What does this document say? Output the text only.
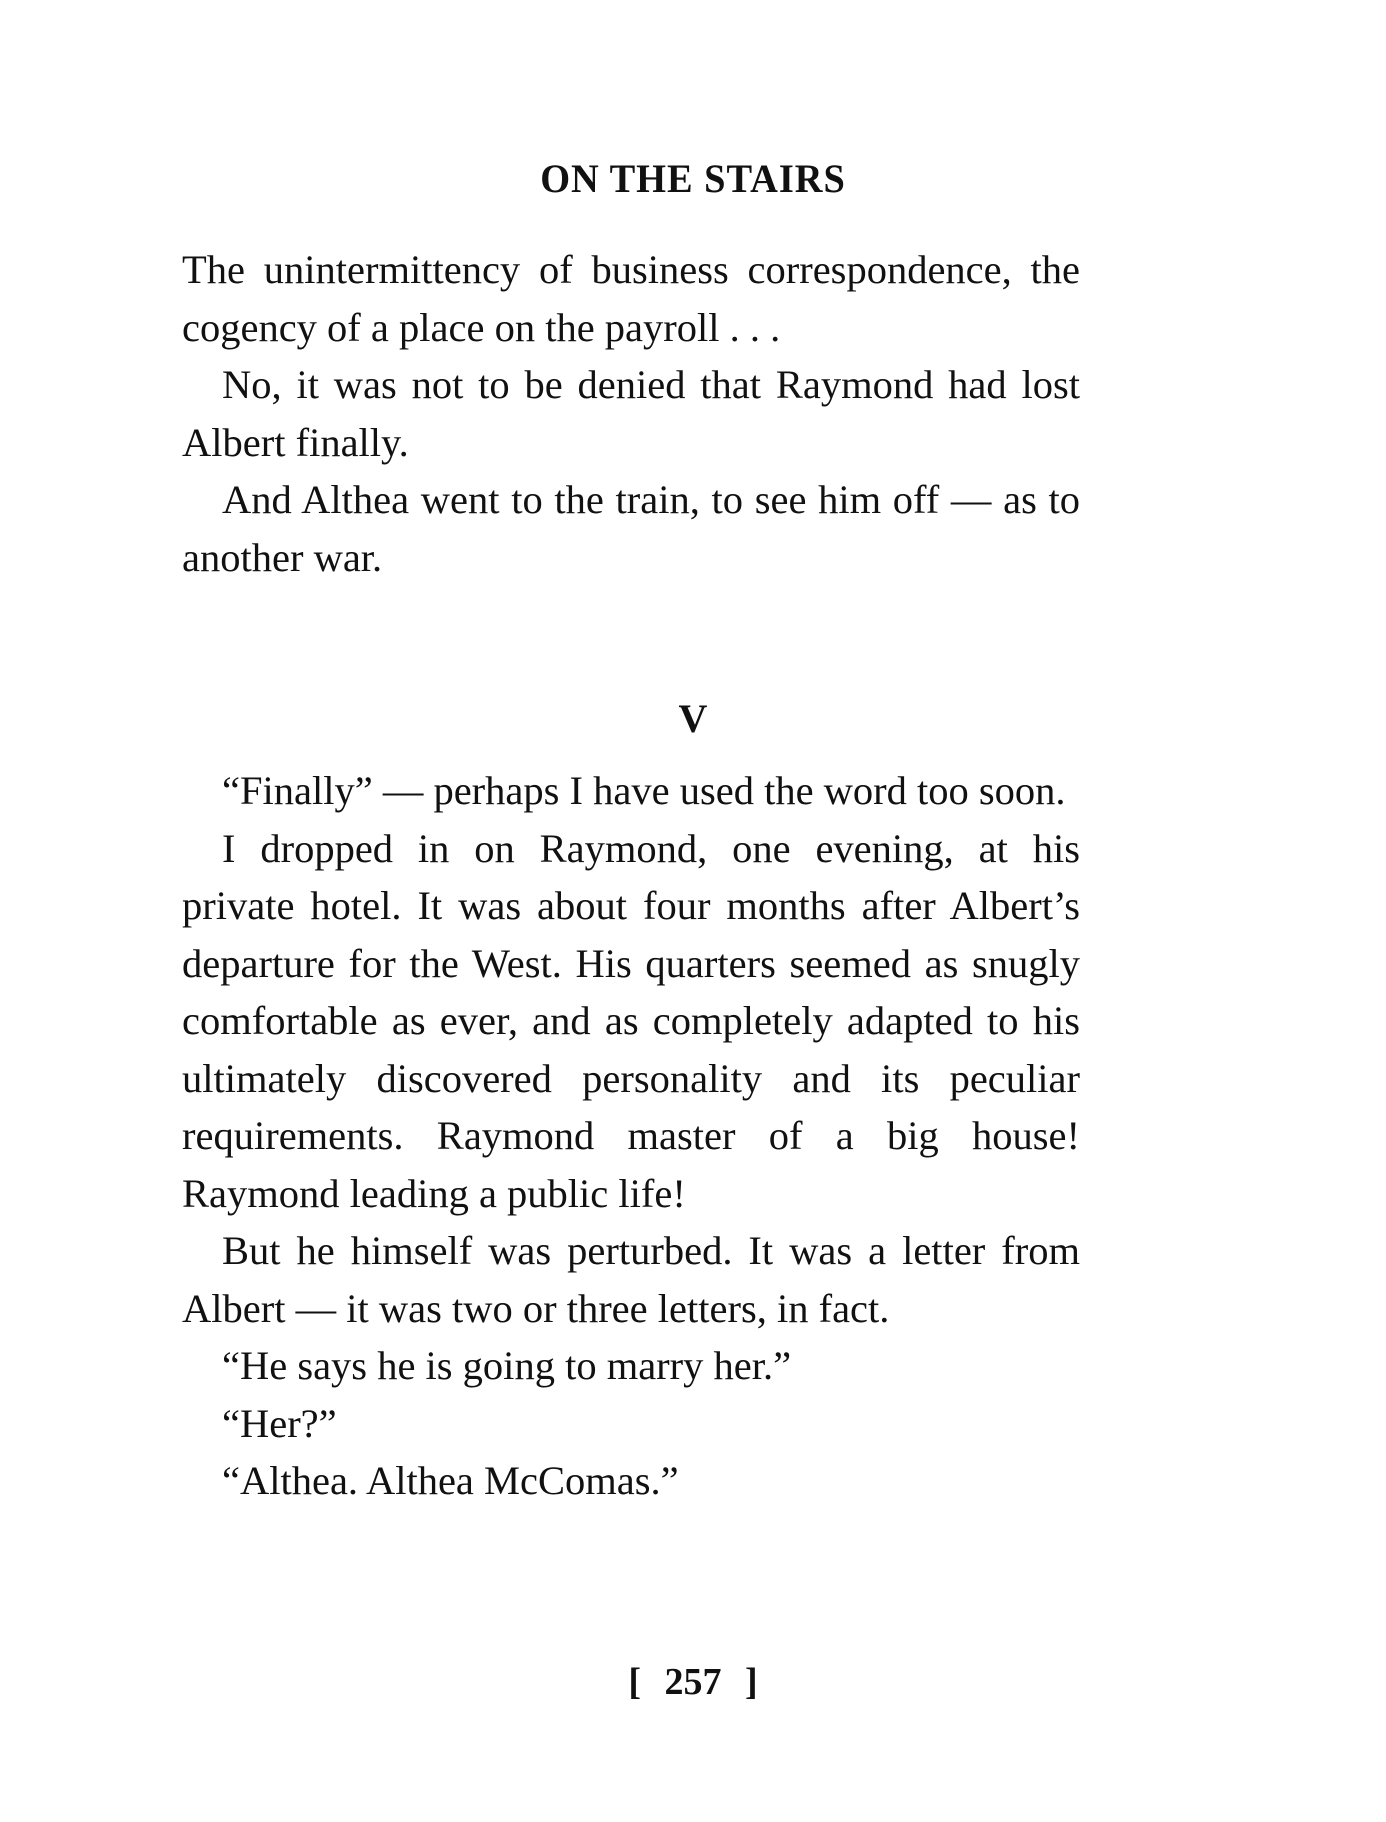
ON THE STAIRS

The unintermittency of business correspondence, the cogency of a place on the payroll . . .

No, it was not to be denied that Raymond had lost Albert finally.

And Althea went to the train, to see him off — as to another war.

V

“Finally” — perhaps I have used the word too soon.

I dropped in on Raymond, one evening, at his private hotel. It was about four months after Albert’s departure for the West. His quarters seemed as snugly comfortable as ever, and as completely adapted to his ultimately discovered personality and its peculiar requirements. Raymond master of a big house! Raymond leading a public life!

But he himself was perturbed. It was a letter from Albert — it was two or three letters, in fact.

“He says he is going to marry her.”

“Her?”

“Althea. Althea McComas.”

[ 257 ]
